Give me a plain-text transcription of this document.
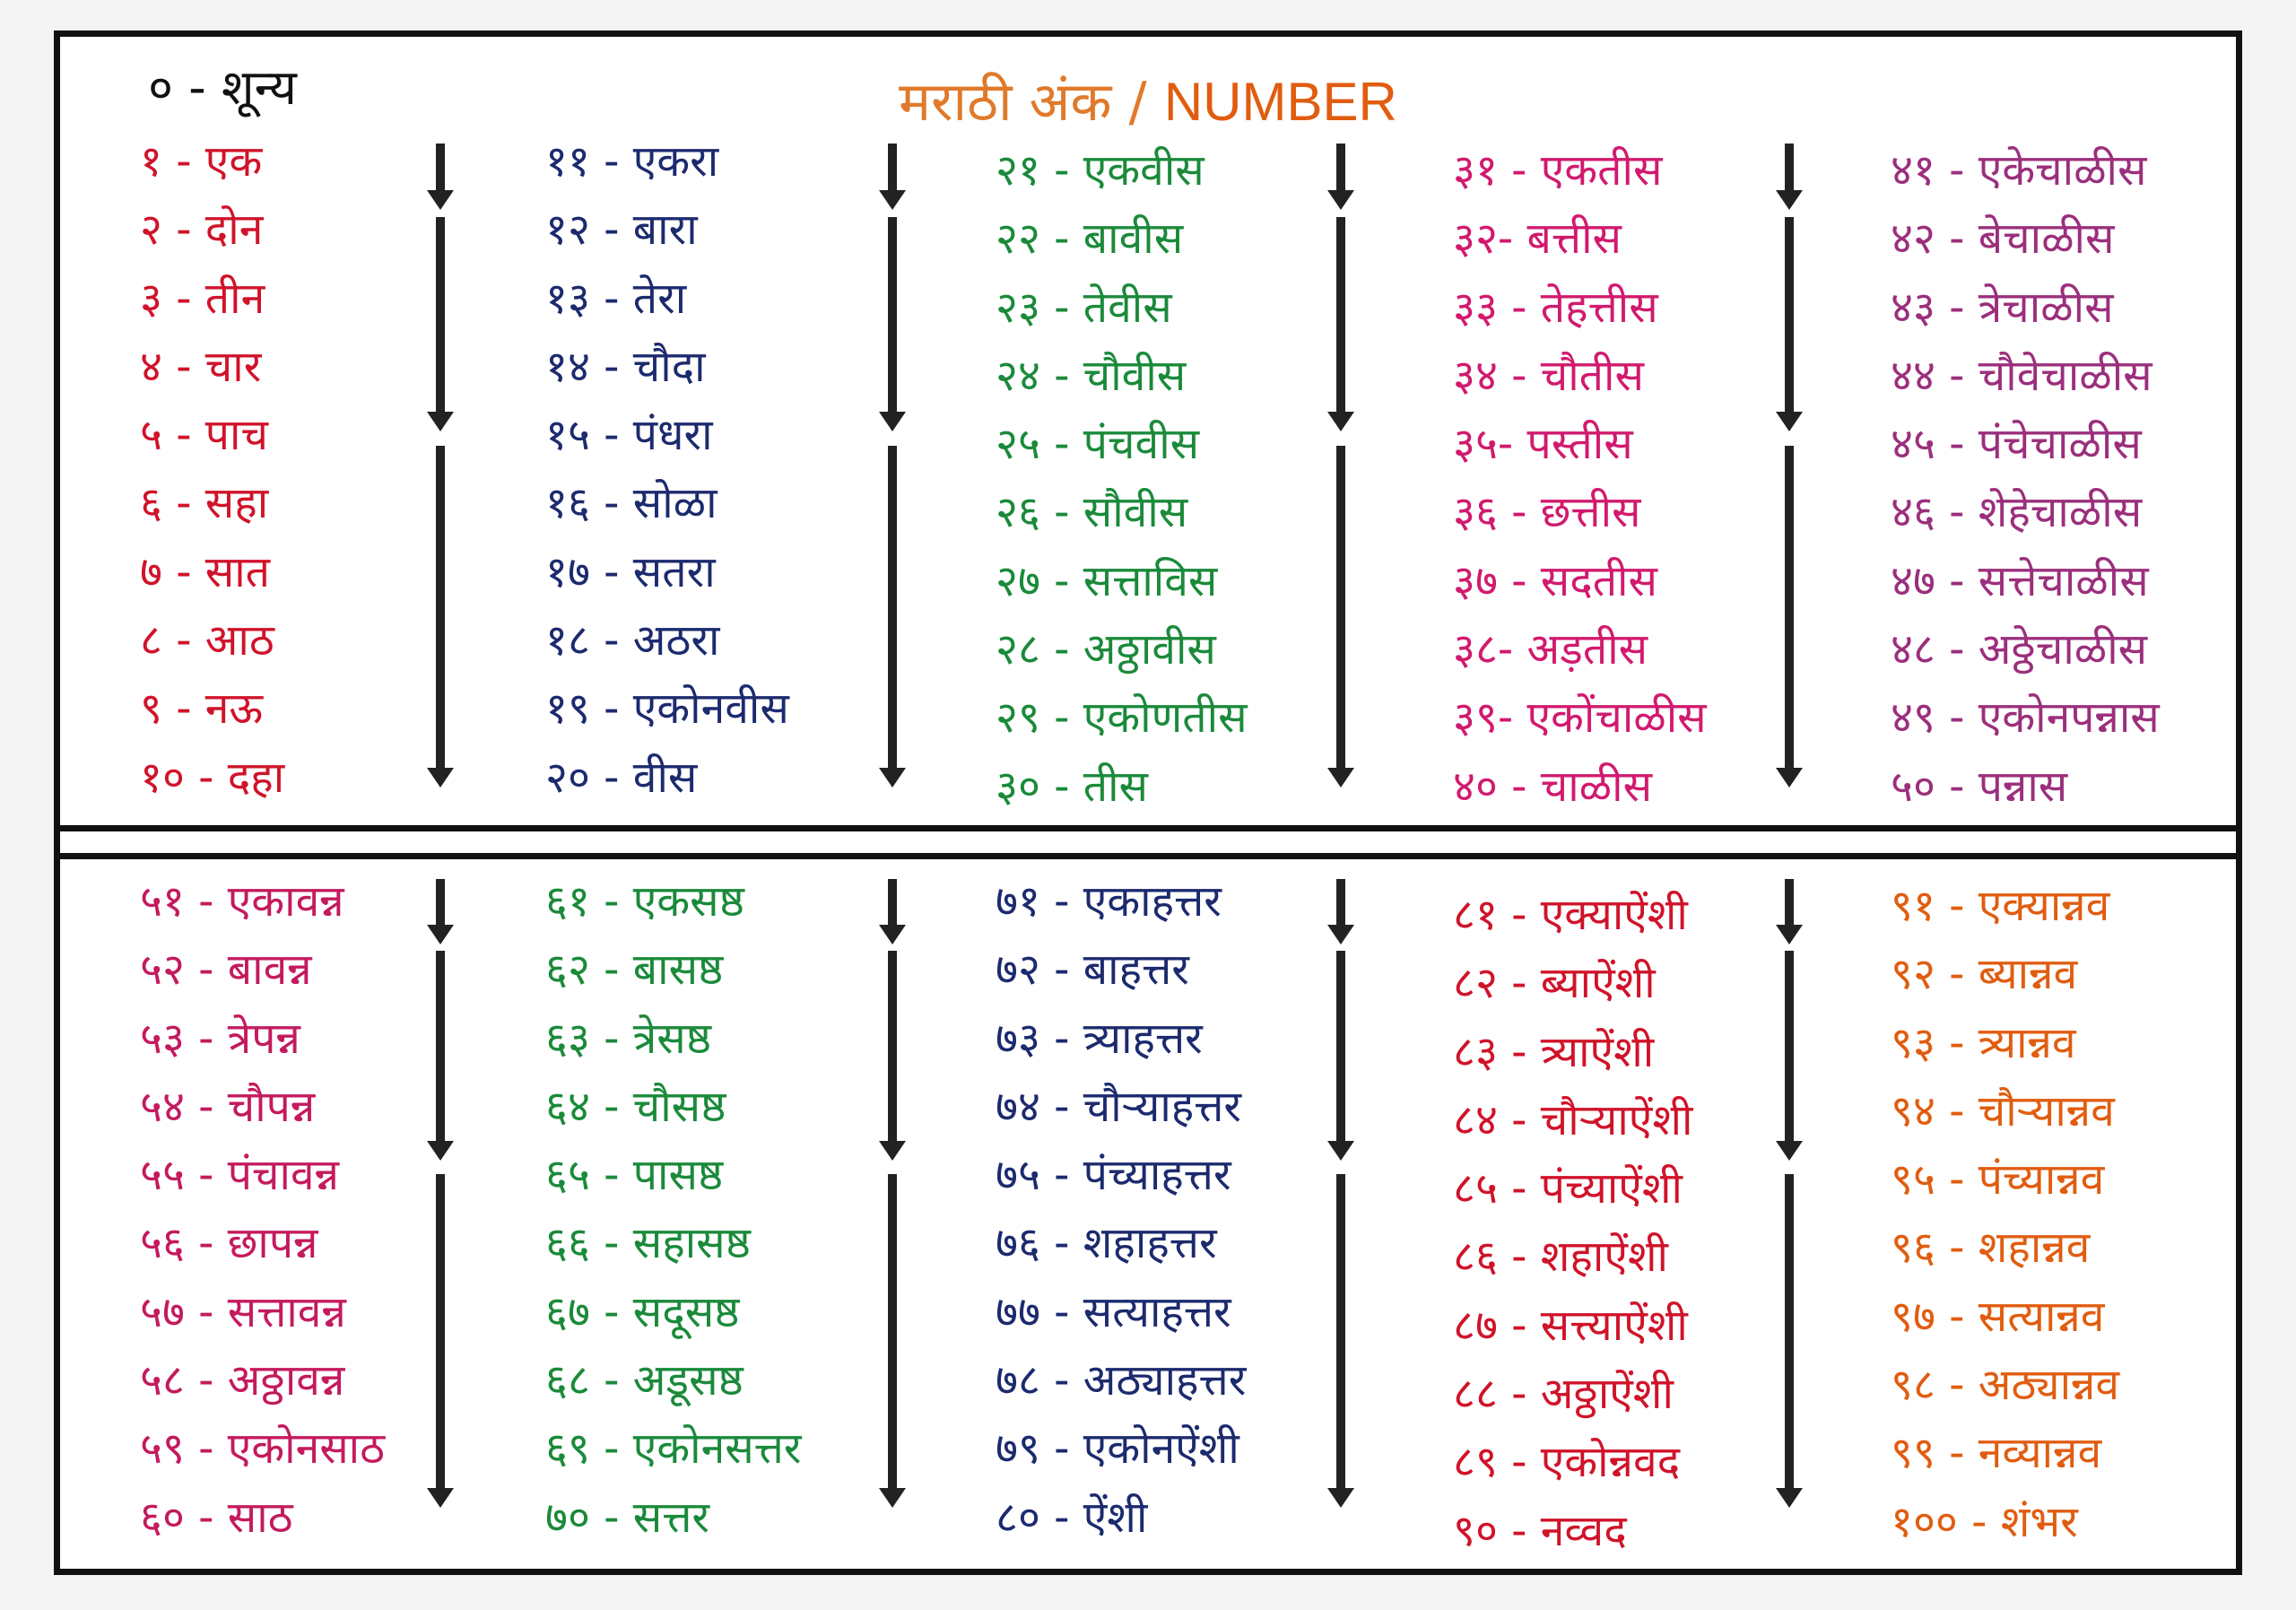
० - शून्य	मराठी अंक / NUMBER
१ - एक
२ - दोन
३ - तीन
४ - चार
५ - पाच
६ - सहा
७ - सात
८ - आठ
९ - नऊ
१० - दहा
११ - एकरा
१२ - बारा
१३ - तेरा
१४ - चौदा
१५ - पंधरा
१६ - सोळा
१७ - सतरा
१८ - अठरा
१९ - एकोनवीस
२० - वीस
२१ - एकवीस
२२ - बावीस
२३ - तेवीस
२४ - चौवीस
२५ - पंचवीस
२६ - सौवीस
२७ - सत्ताविस
२८ - अठ्ठावीस
२९ - एकोणतीस
३० - तीस
३१ - एकतीस
३२- बत्तीस
३३ - तेहत्तीस
३४ - चौतीस
३५- पस्तीस
३६ - छत्तीस
३७ - सदतीस
३८- अड़तीस
३९- एकोंचाळीस
४० - चाळीस
४१ - एकेचाळीस
४२ - बेचाळीस
४३ - त्रेचाळीस
४४ - चौवेचाळीस
४५ - पंचेचाळीस
४६ - शेहेचाळीस
४७ - सत्तेचाळीस
४८ - अठ्ठेचाळीस
४९ - एकोनपन्नास
५० - पन्नास
५१ - एकावन्न
५२ - बावन्न
५३ - त्रेपन्न
५४ - चौपन्न
५५ - पंचावन्न
५६ - छापन्न
५७ - सत्तावन्न
५८ - अठ्ठावन्न
५९ - एकोनसाठ
६० - साठ
६१ - एकसष्ठ
६२ - बासष्ठ
६३ - त्रेसष्ठ
६४ - चौसष्ठ
६५ - पासष्ठ
६६ - सहासष्ठ
६७ - सदूसष्ठ
६८ - अडूसष्ठ
६९ - एकोनसत्तर
७० - सत्तर
७१ - एकाहत्तर
७२ - बाहत्तर
७३ - त्र्याहत्तर
७४ - चौऱ्याहत्तर
७५ - पंच्याहत्तर
७६ - शहाहत्तर
७७ - सत्याहत्तर
७८ - अठ्याहत्तर
७९ - एकोनऐंशी
८० - ऐंशी
८१ - एक्याऐंशी
८२ - ब्याऐंशी
८३ - त्र्याऐंशी
८४ - चौऱ्याऐंशी
८५ - पंच्याऐंशी
८६ - शहाऐंशी
८७ - सत्त्याऐंशी
८८ - अठ्ठाऐंशी
८९ - एकोन्नवद
९० - नव्वद
९१ - एक्यान्नव
९२ - ब्यान्नव
९३ - त्र्यान्नव
९४ - चौऱ्यान्नव
९५ - पंच्यान्नव
९६ - शहान्नव
९७ - सत्यान्नव
९८ - अठ्यान्नव
९९ - नव्यान्नव
१०० - शंभर
